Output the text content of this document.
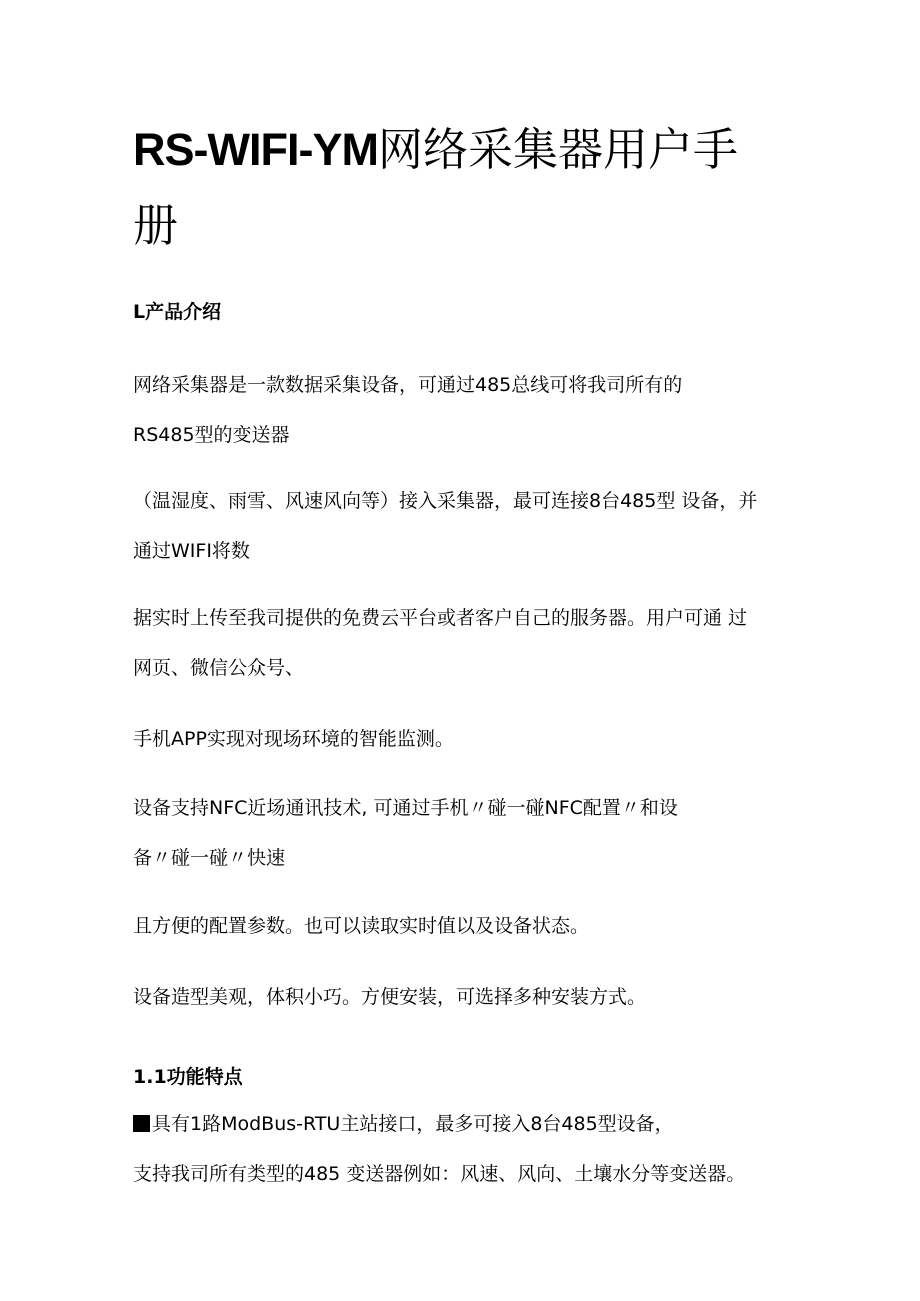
RS-WIFI-YM网络采集器用户手
册
L产品介绍

网络采集器是一款数据采集设备，可通过485总线可将我司所有的

RS485型的变送器

（温湿度、雨雪、风速风向等）接入采集器，最可连接8台485型 设备，并

通过WIFI将数

据实时上传至我司提供的免费云平台或者客户自己的服务器。用户可通 过

网页、微信公众号、

手机APP实现对现场环境的智能监测。

设备支持NFC近场通讯技术, 可通过手机〃碰一碰NFC配置〃和设

备〃碰一碰〃快速

且方便的配置参数。也可以读取实时值以及设备状态。

设备造型美观，体积小巧。方便安装，可选择多种安装方式。

1.1功能特点

具有1路ModBus-RTU主站接口，最多可接入8台485型设备，

支持我司所有类型的485 变送器例如：风速、风向、土壤水分等变送器。
